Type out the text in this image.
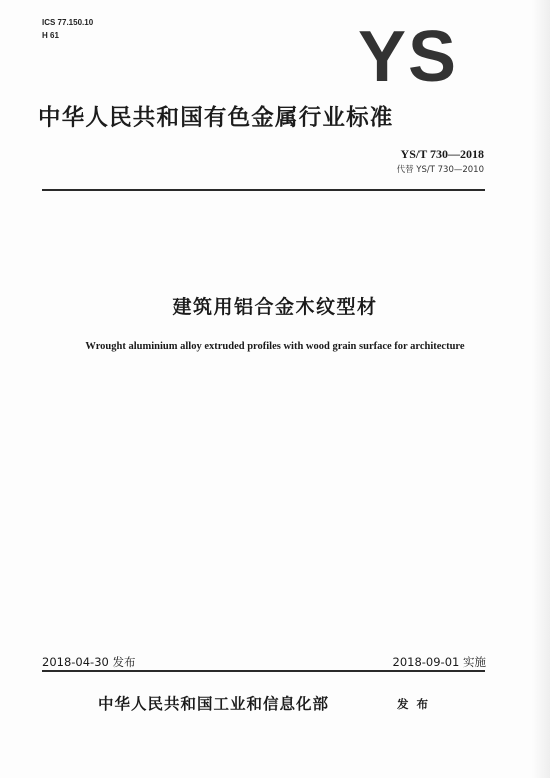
ICS 77.150.10
H 61	YS
中华人民共和国有色金属行业标准
YS/T 730—2018
代替 YS/T 730—2010
建筑用铝合金木纹型材
Wrought aluminium alloy extruded profiles with wood grain surface for architecture
2018-04-30 发布	2018-09-01 实施
中华人民共和国工业和信息化部	发 布
